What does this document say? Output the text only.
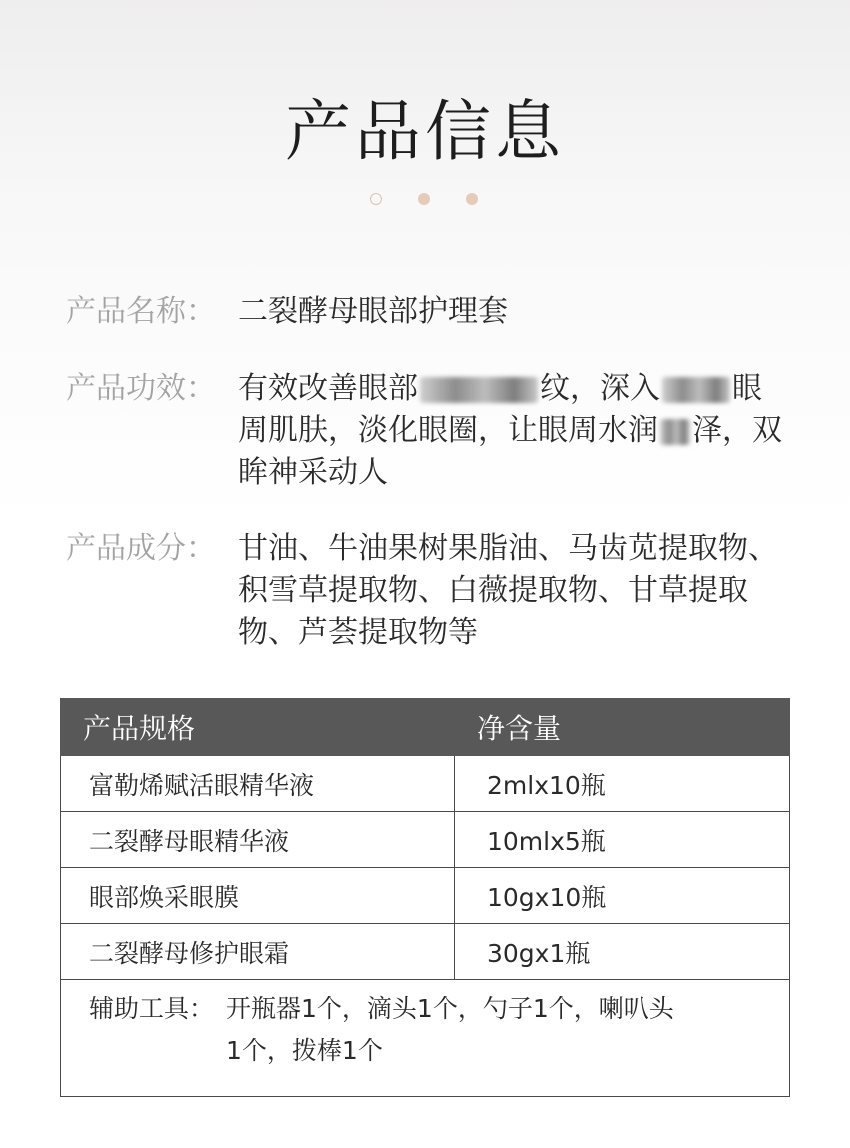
产品信息
产品名称： 二裂酵母眼部护理套
产品功效： 有效改善眼部	纹，深入 眼周肌肤，淡化眼圈，让眼周水润 泽，双眸神采动人
产品成分： 甘油、牛油果树果脂油、马齿苋提取物、积雪草提取物、白薇提取物、甘草提取物、芦荟提取物等
产品规格	净含量
富勒烯赋活眼精华液	2mlx10瓶
二裂酵母眼精华液	10mlx5瓶
眼部焕采眼膜	10gx10瓶
二裂酵母修护眼霜	30gx1瓶

辅助工具： 开瓶器1个，滴头1个，勺子1个，喇叭头1个，拨棒1个	
